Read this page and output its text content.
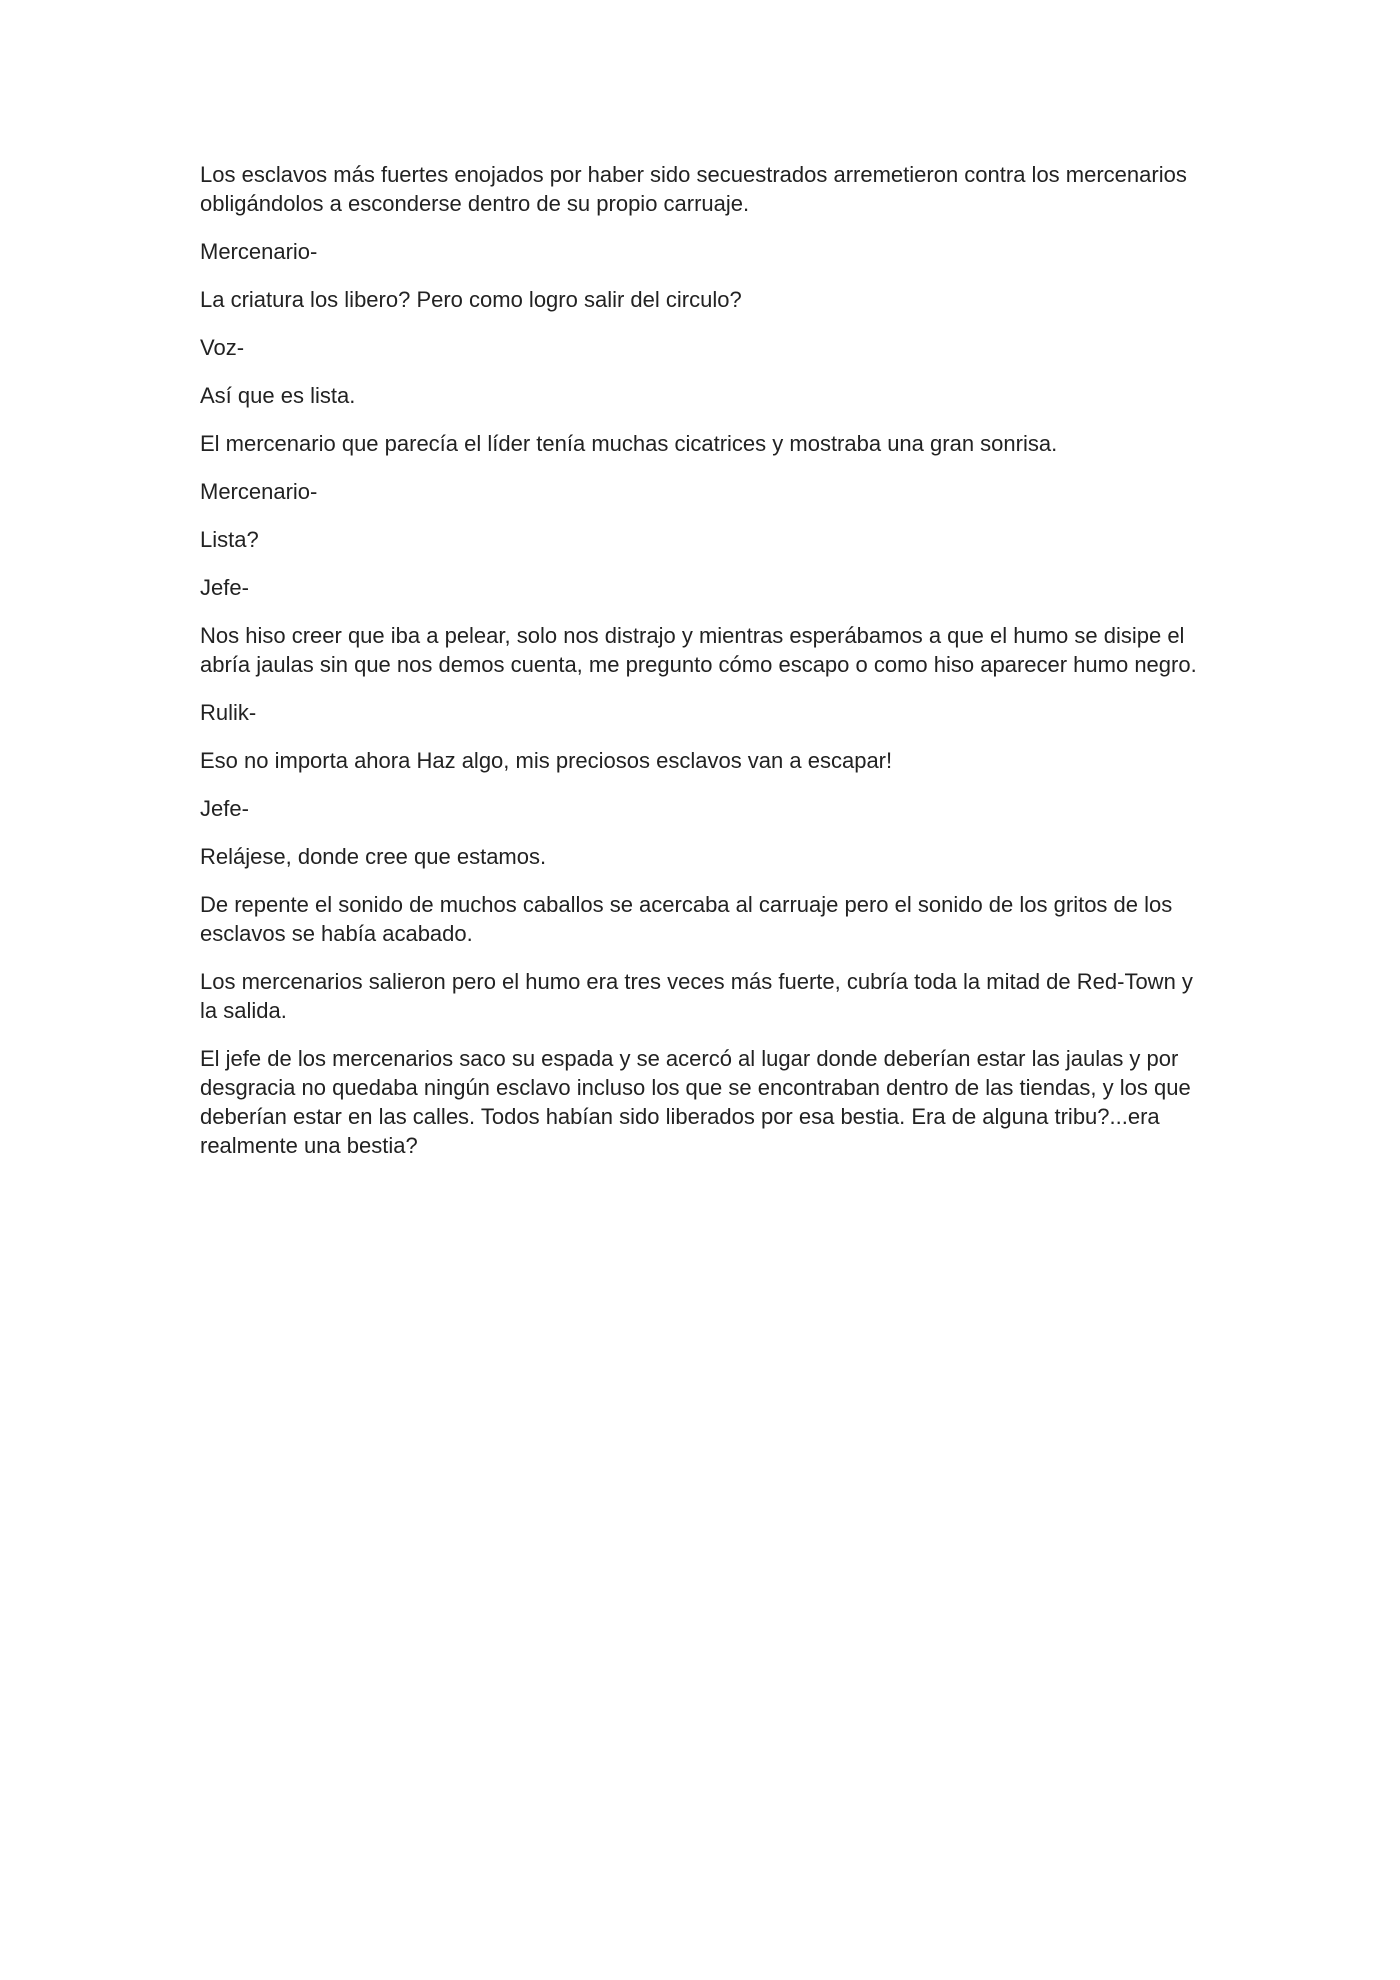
Los esclavos más fuertes enojados por haber sido secuestrados arremetieron contra los mercenarios obligándolos a esconderse dentro de su propio carruaje.

Mercenario-

La criatura los libero? Pero como logro salir del circulo?

Voz-

Así que es lista.

El mercenario que parecía el líder tenía muchas cicatrices y mostraba una gran sonrisa.

Mercenario-

Lista?

Jefe-

Nos hiso creer que iba a pelear, solo nos distrajo y mientras esperábamos a que el humo se disipe el abría jaulas sin que nos demos cuenta, me pregunto cómo escapo o como hiso aparecer humo negro.

Rulik-

Eso no importa ahora Haz algo, mis preciosos esclavos van a escapar!

Jefe-

Relájese, donde cree que estamos.

De repente el sonido de muchos caballos se acercaba al carruaje pero el sonido de los gritos de los esclavos se había acabado.

Los mercenarios salieron pero el humo era tres veces más fuerte, cubría toda la mitad de Red-Town y la salida.

El jefe de los mercenarios saco su espada y se acercó al lugar donde deberían estar las jaulas y por desgracia no quedaba ningún esclavo incluso los que se encontraban dentro de las tiendas, y los que deberían estar en las calles. Todos habían sido liberados por esa bestia. Era de alguna tribu?...era realmente una bestia?
